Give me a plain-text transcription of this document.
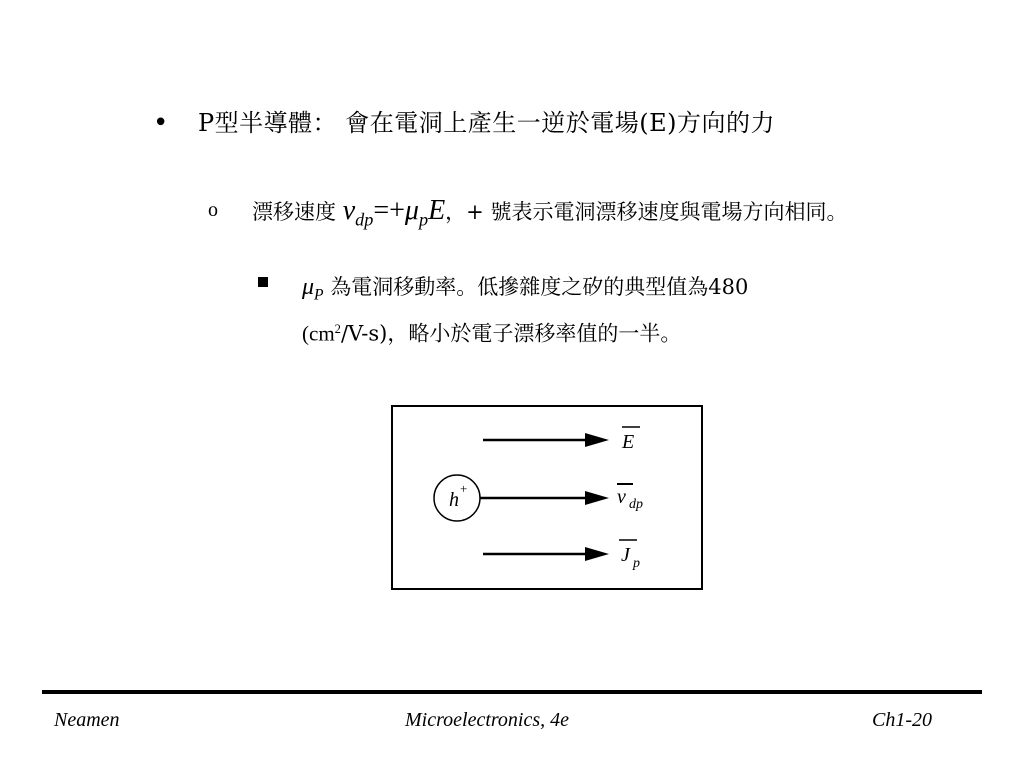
• P型半導體： 會在電洞上產生一逆於電場(E)方向的力
o 漂移速度 $v_{dp}=+\mu_pE$，+ 號表示電洞漂移速度與電場方向相同。
$\mu_P$ 為電洞移動率。低摻雜度之矽的典型值為480
$(cm^2/V-s)$，略小於電子漂移率值的一半。
h
+
E
v dp
J p
Neamen	Microelectronics, 4e	Ch1-20
